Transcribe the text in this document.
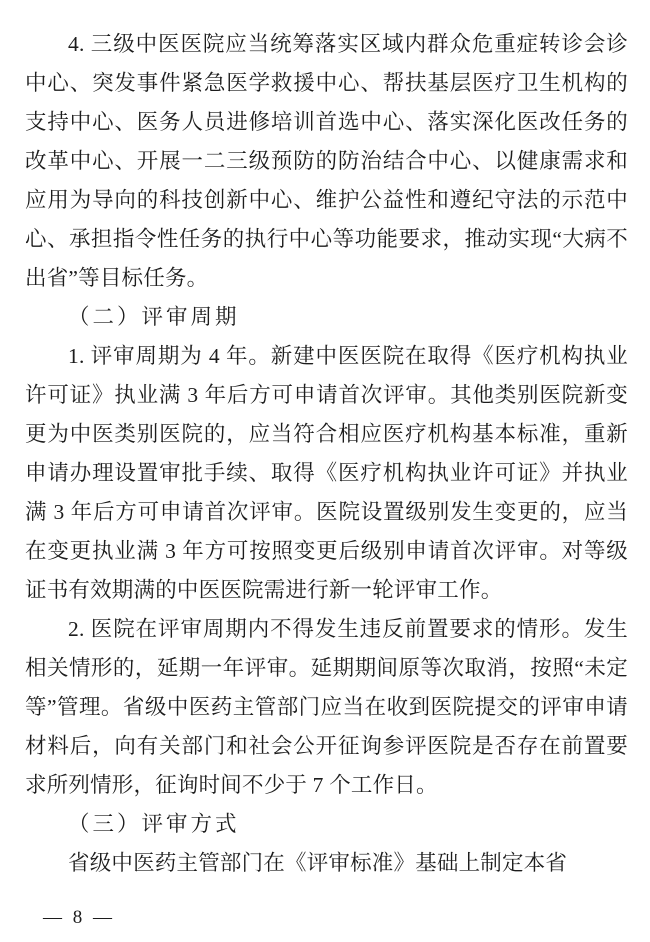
4. 三级中医医院应当统筹落实区域内群众危重症转诊会诊中心、突发事件紧急医学救援中心、帮扶基层医疗卫生机构的支持中心、医务人员进修培训首选中心、落实深化医改任务的改革中心、开展一二三级预防的防治结合中心、以健康需求和应用为导向的科技创新中心、维护公益性和遵纪守法的示范中心、承担指令性任务的执行中心等功能要求，推动实现“大病不出省”等目标任务。

（二）评审周期

1. 评审周期为 4 年。新建中医医院在取得《医疗机构执业许可证》执业满 3 年后方可申请首次评审。其他类别医院新变更为中医类别医院的，应当符合相应医疗机构基本标准，重新申请办理设置审批手续、取得《医疗机构执业许可证》并执业满 3 年后方可申请首次评审。医院设置级别发生变更的，应当在变更执业满 3 年方可按照变更后级别申请首次评审。对等级证书有效期满的中医医院需进行新一轮评审工作。

2. 医院在评审周期内不得发生违反前置要求的情形。发生相关情形的，延期一年评审。延期期间原等次取消，按照“未定等”管理。省级中医药主管部门应当在收到医院提交的评审申请材料后，向有关部门和社会公开征询参评医院是否存在前置要求所列情形，征询时间不少于 7 个工作日。

（三）评审方式

省级中医药主管部门在《评审标准》基础上制定本省

— 8 —
